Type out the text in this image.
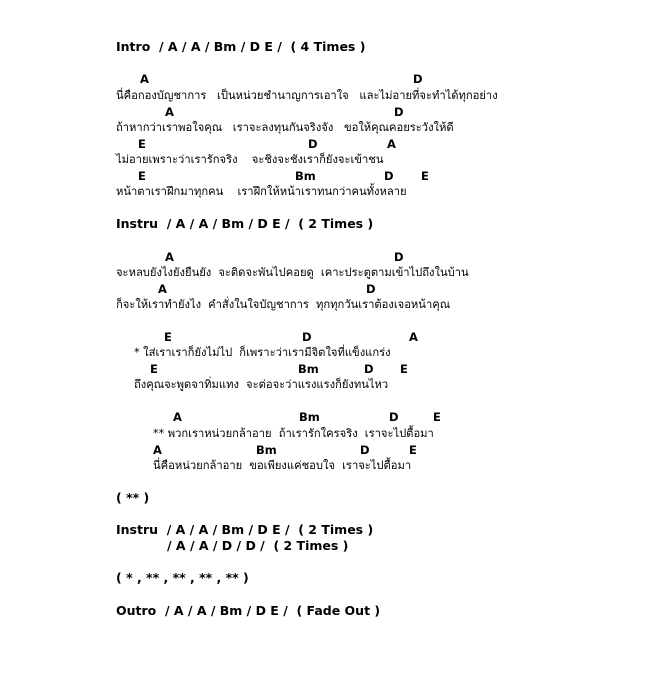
Intro  / A / A / Bm / D E /  ( 4 Times )
A	D
นี่คือกองบัญชาการ   เป็นหน่วยชำนาญการเอาใจ   และไม่อายที่จะทำได้ทุกอย่าง
A	D
ถ้าหากว่าเราพอใจคุณ   เราจะลงทุนกันจริงจัง   ขอให้คุณคอยระวังให้ดี
E	D	A
ไม่อายเพราะว่าเรารักจริง    จะชิงจะชังเราก็ยังจะเข้าชน
E	Bm	D E
หน้าตาเราฝึกมาทุกคน    เราฝึกให้หน้าเราทนกว่าคนทั้งหลาย
Instru  / A / A / Bm / D E /  ( 2 Times )
A	D
จะหลบยังไงยังยืนยัง  จะติดจะพันไปคอยดู  เคาะประตูตามเข้าไปถึงในบ้าน
A	D
ก็จะให้เราทำยังไง  คำสั่งในใจบัญชาการ  ทุกทุกวันเราต้องเจอหน้าคุณ
E	D	A
* ใส่เราเราก็ยังไม่ไป  ก็เพราะว่าเรามีจิตใจที่แข็งแกร่ง
E	Bm	D E
ถึงคุณจะพูดจาทิ่มแทง  จะต่อจะว่าแรงแรงก็ยังทนไหว
A	Bm	D	E
** พวกเราหน่วยกล้าอาย  ถ้าเรารักใครจริง  เราจะไปตื้อมา
A	Bm	D	E
นี่คือหน่วยกล้าอาย  ขอเพียงแค่ชอบใจ  เราจะไปตื้อมา
( ** )
Instru  / A / A / Bm / D E /  ( 2 Times )
/ A / A / D / D /  ( 2 Times )
( * , ** , ** , ** , ** )
Outro  / A / A / Bm / D E /  ( Fade Out )
